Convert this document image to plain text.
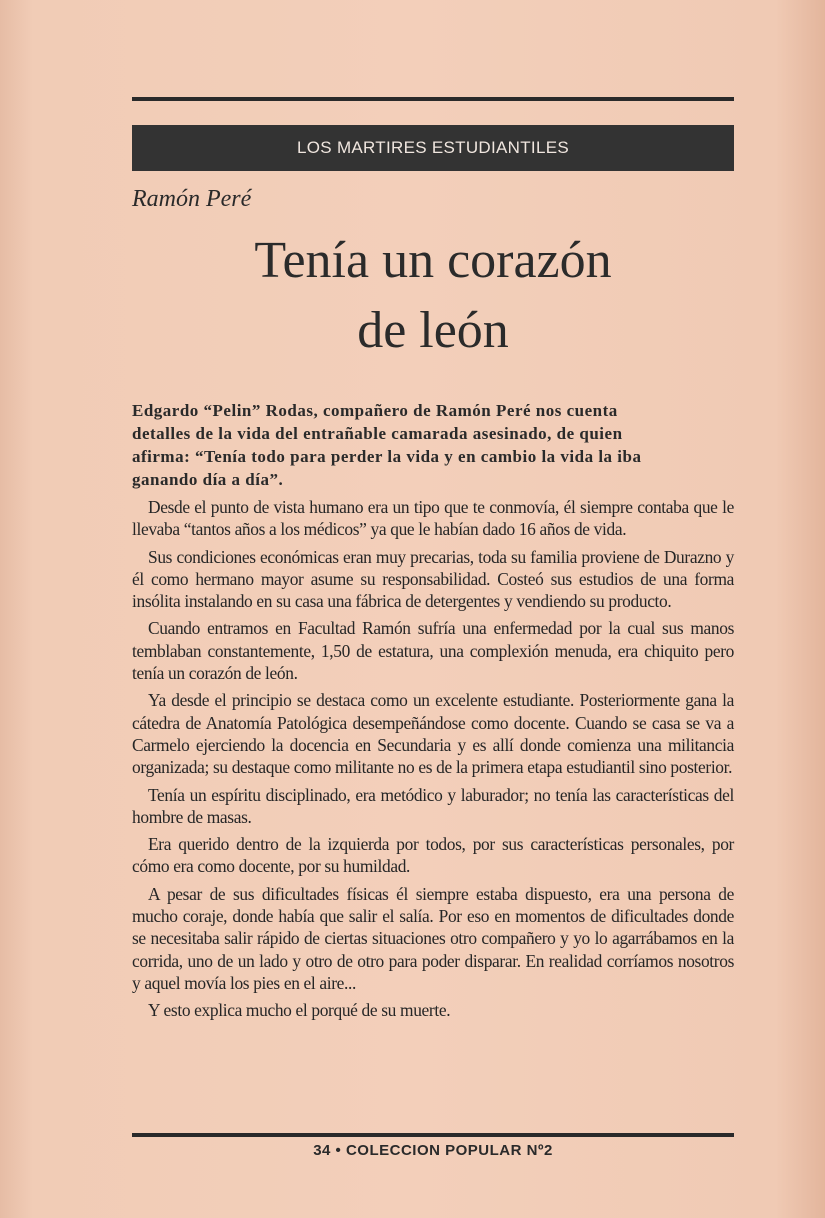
LOS MARTIRES ESTUDIANTILES
Ramón Peré
Tenía un corazón
de león
Edgardo “Pelin” Rodas, compañero de Ramón Peré nos cuenta
detalles de la vida del entrañable camarada asesinado, de quien
afirma: “Tenía todo para perder la vida y en cambio la vida la iba
ganando día a día”.

Desde el punto de vista humano era un tipo que te conmovía, él siempre contaba que le llevaba “tantos años a los médicos” ya que le habían dado 16 años de vida.

Sus condiciones económicas eran muy precarias, toda su familia proviene de Durazno y él como hermano mayor asume su responsabilidad. Costeó sus estudios de una forma insólita instalando en su casa una fábrica de detergentes y vendiendo su producto.

Cuando entramos en Facultad Ramón sufría una enfermedad por la cual sus manos temblaban constantemente, 1,50 de estatura, una complexión menuda, era chiquito pero tenía un corazón de león.

Ya desde el principio se destaca como un excelente estudiante. Posteriormente gana la cátedra de Anatomía Patológica desempeñándose como docente. Cuando se casa se va a Carmelo ejerciendo la docencia en Secundaria y es allí donde comienza una militancia organizada; su destaque como militante no es de la primera etapa estudiantil sino posterior.

Tenía un espíritu disciplinado, era metódico y laburador; no tenía las características del hombre de masas.

Era querido dentro de la izquierda por todos, por sus características personales, por cómo era como docente, por su humildad.

A pesar de sus dificultades físicas él siempre estaba dispuesto, era una persona de mucho coraje, donde había que salir el salía. Por eso en momentos de dificultades donde se necesitaba salir rápido de ciertas situaciones otro compañero y yo lo agarrábamos en la corrida, uno de un lado y otro de otro para poder disparar. En realidad corríamos nosotros y aquel movía los pies en el aire...

Y esto explica mucho el porqué de su muerte.

34 • COLECCION POPULAR Nº2
